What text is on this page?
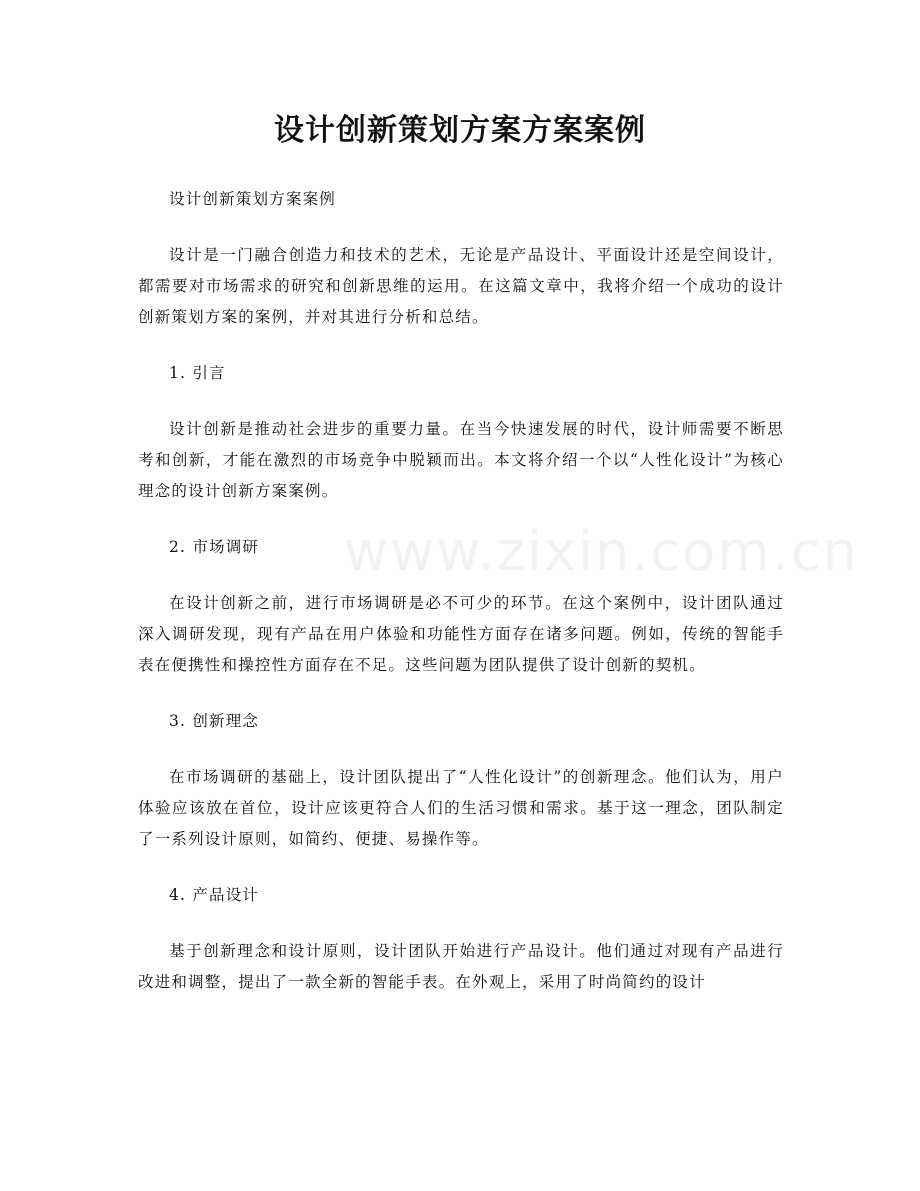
设计创新策划方案方案案例
www.zixin.com.cn

设计创新策划方案案例

设计是一门融合创造力和技术的艺术，无论是产品设计、平面设计还是空间设计，都需要对市场需求的研究和创新思维的运用。在这篇文章中，我将介绍一个成功的设计创新策划方案的案例，并对其进行分析和总结。

1. 引言

设计创新是推动社会进步的重要力量。在当今快速发展的时代，设计师需要不断思考和创新，才能在激烈的市场竞争中脱颖而出。本文将介绍一个以“人性化设计”为核心理念的设计创新方案案例。

2. 市场调研

在设计创新之前，进行市场调研是必不可少的环节。在这个案例中，设计团队通过深入调研发现，现有产品在用户体验和功能性方面存在诸多问题。例如，传统的智能手表在便携性和操控性方面存在不足。这些问题为团队提供了设计创新的契机。

3. 创新理念

在市场调研的基础上，设计团队提出了“人性化设计”的创新理念。他们认为，用户体验应该放在首位，设计应该更符合人们的生活习惯和需求。基于这一理念，团队制定了一系列设计原则，如简约、便捷、易操作等。

4. 产品设计

基于创新理念和设计原则，设计团队开始进行产品设计。他们通过对现有产品进行改进和调整，提出了一款全新的智能手表。在外观上，采用了时尚简约的设计
